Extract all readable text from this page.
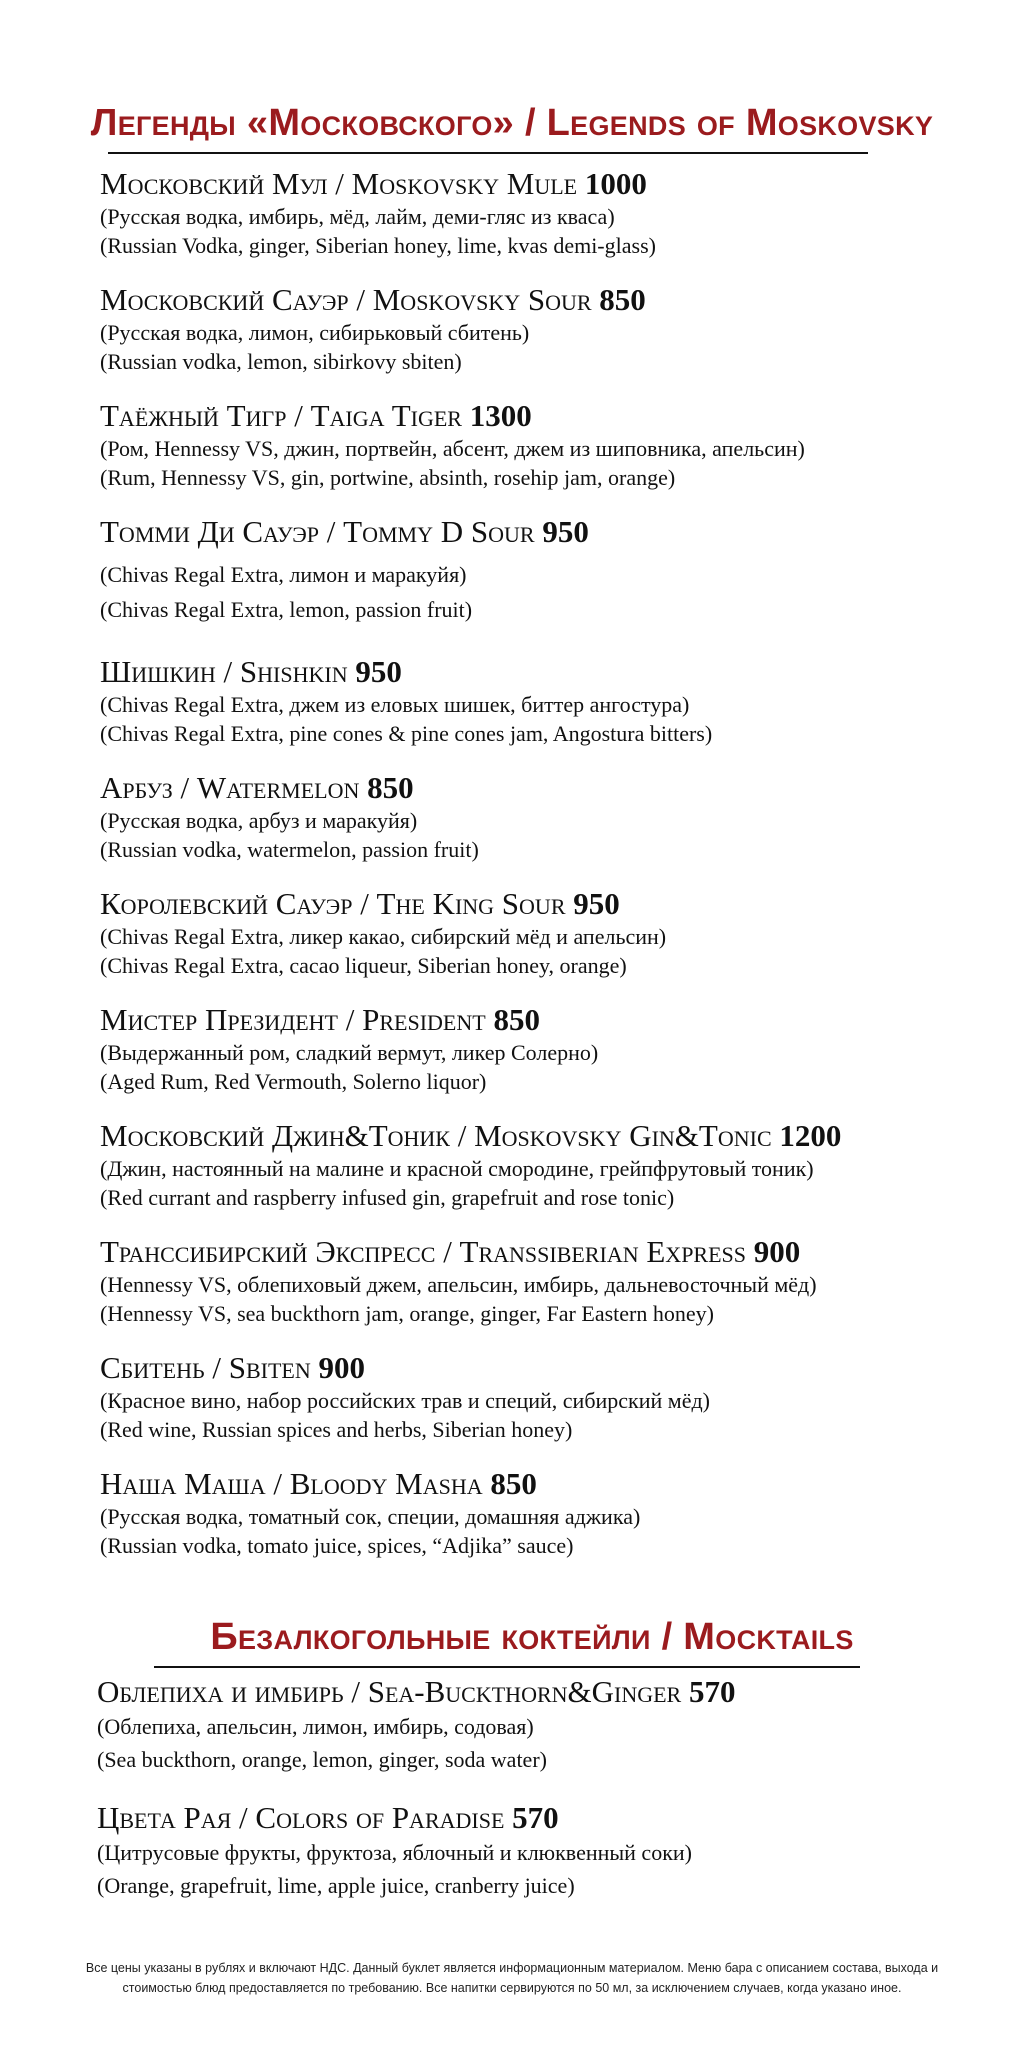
Легенды «Московского» / Legends of Moskovsky
Московский Мул / Moskovsky Mule 1000
(Русская водка, имбирь, мёд, лайм, деми-гляс из кваса)
(Russian Vodka, ginger, Siberian honey, lime, kvas demi-glass)
Московский Сауэр / Moskovsky Sour 850
(Русская водка, лимон, сибирьковый сбитень)
(Russian vodka, lemon, sibirkovy sbiten)
Таёжный Тигр / Taiga Tiger 1300
(Ром, Hennessy VS, джин, портвейн, абсент, джем из шиповника, апельсин)
(Rum, Hennessy VS, gin, portwine, absinth, rosehip jam, orange)
Томми Ди Сауэр / Tommy D Sour 950
(Chivas Regal Extra, лимон и маракуйя)
(Chivas Regal Extra, lemon, passion fruit)
Шишкин / Shishkin 950
(Chivas Regal Extra, джем из еловых шишек, биттер ангостура)
(Chivas Regal Extra, pine cones & pine cones jam, Angostura bitters)
Арбуз / Watermelon 850
(Русская водка, арбуз и маракуйя)
(Russian vodka, watermelon, passion fruit)
Королевский Сауэр / The King Sour 950
(Chivas Regal Extra, ликер какао, сибирский мёд и апельсин)
(Chivas Regal Extra, cacao liqueur, Siberian honey, orange)
Мистер Президент / President 850
(Выдержанный ром, сладкий вермут, ликер Солерно)
(Aged Rum, Red Vermouth, Solerno liquor)
Московский Джин&Тоник / Moskovsky Gin&Tonic 1200
(Джин, настоянный на малине и красной смородине, грейпфрутовый тоник)
(Red currant and raspberry infused gin, grapefruit and rose tonic)
Транссибирский Экспресс / Transsiberian Express 900
(Hennessy VS, облепиховый джем, апельсин, имбирь, дальневосточный мёд)
(Hennessy VS, sea buckthorn jam, orange, ginger, Far Eastern honey)
Сбитень / Sbiten 900
(Красное вино, набор российских трав и специй, сибирский мёд)
(Red wine, Russian spices and herbs, Siberian honey)
Наша Маша / Bloody Masha 850
(Русская водка, томатный сок, специи, домашняя аджика)
(Russian vodka, tomato juice, spices, “Adjika” sauce)
Безалкогольные коктейли / Mocktails
Облепиха и имбирь / Sea-Buckthorn&Ginger 570
(Облепиха, апельсин, лимон, имбирь, содовая)
(Sea buckthorn, orange, lemon, ginger, soda water)
Цвета Рая / Colors of Paradise 570
(Цитрусовые фрукты, фруктоза, яблочный и клюквенный соки)
(Orange, grapefruit, lime, apple juice, cranberry juice)
Все цены указаны в рублях и включают НДС. Данный буклет является информационным материалом. Меню бара с описанием состава, выхода и
стоимостью блюд предоставляется по требованию. Все напитки сервируются по 50 мл, за исключением случаев, когда указано иное.
